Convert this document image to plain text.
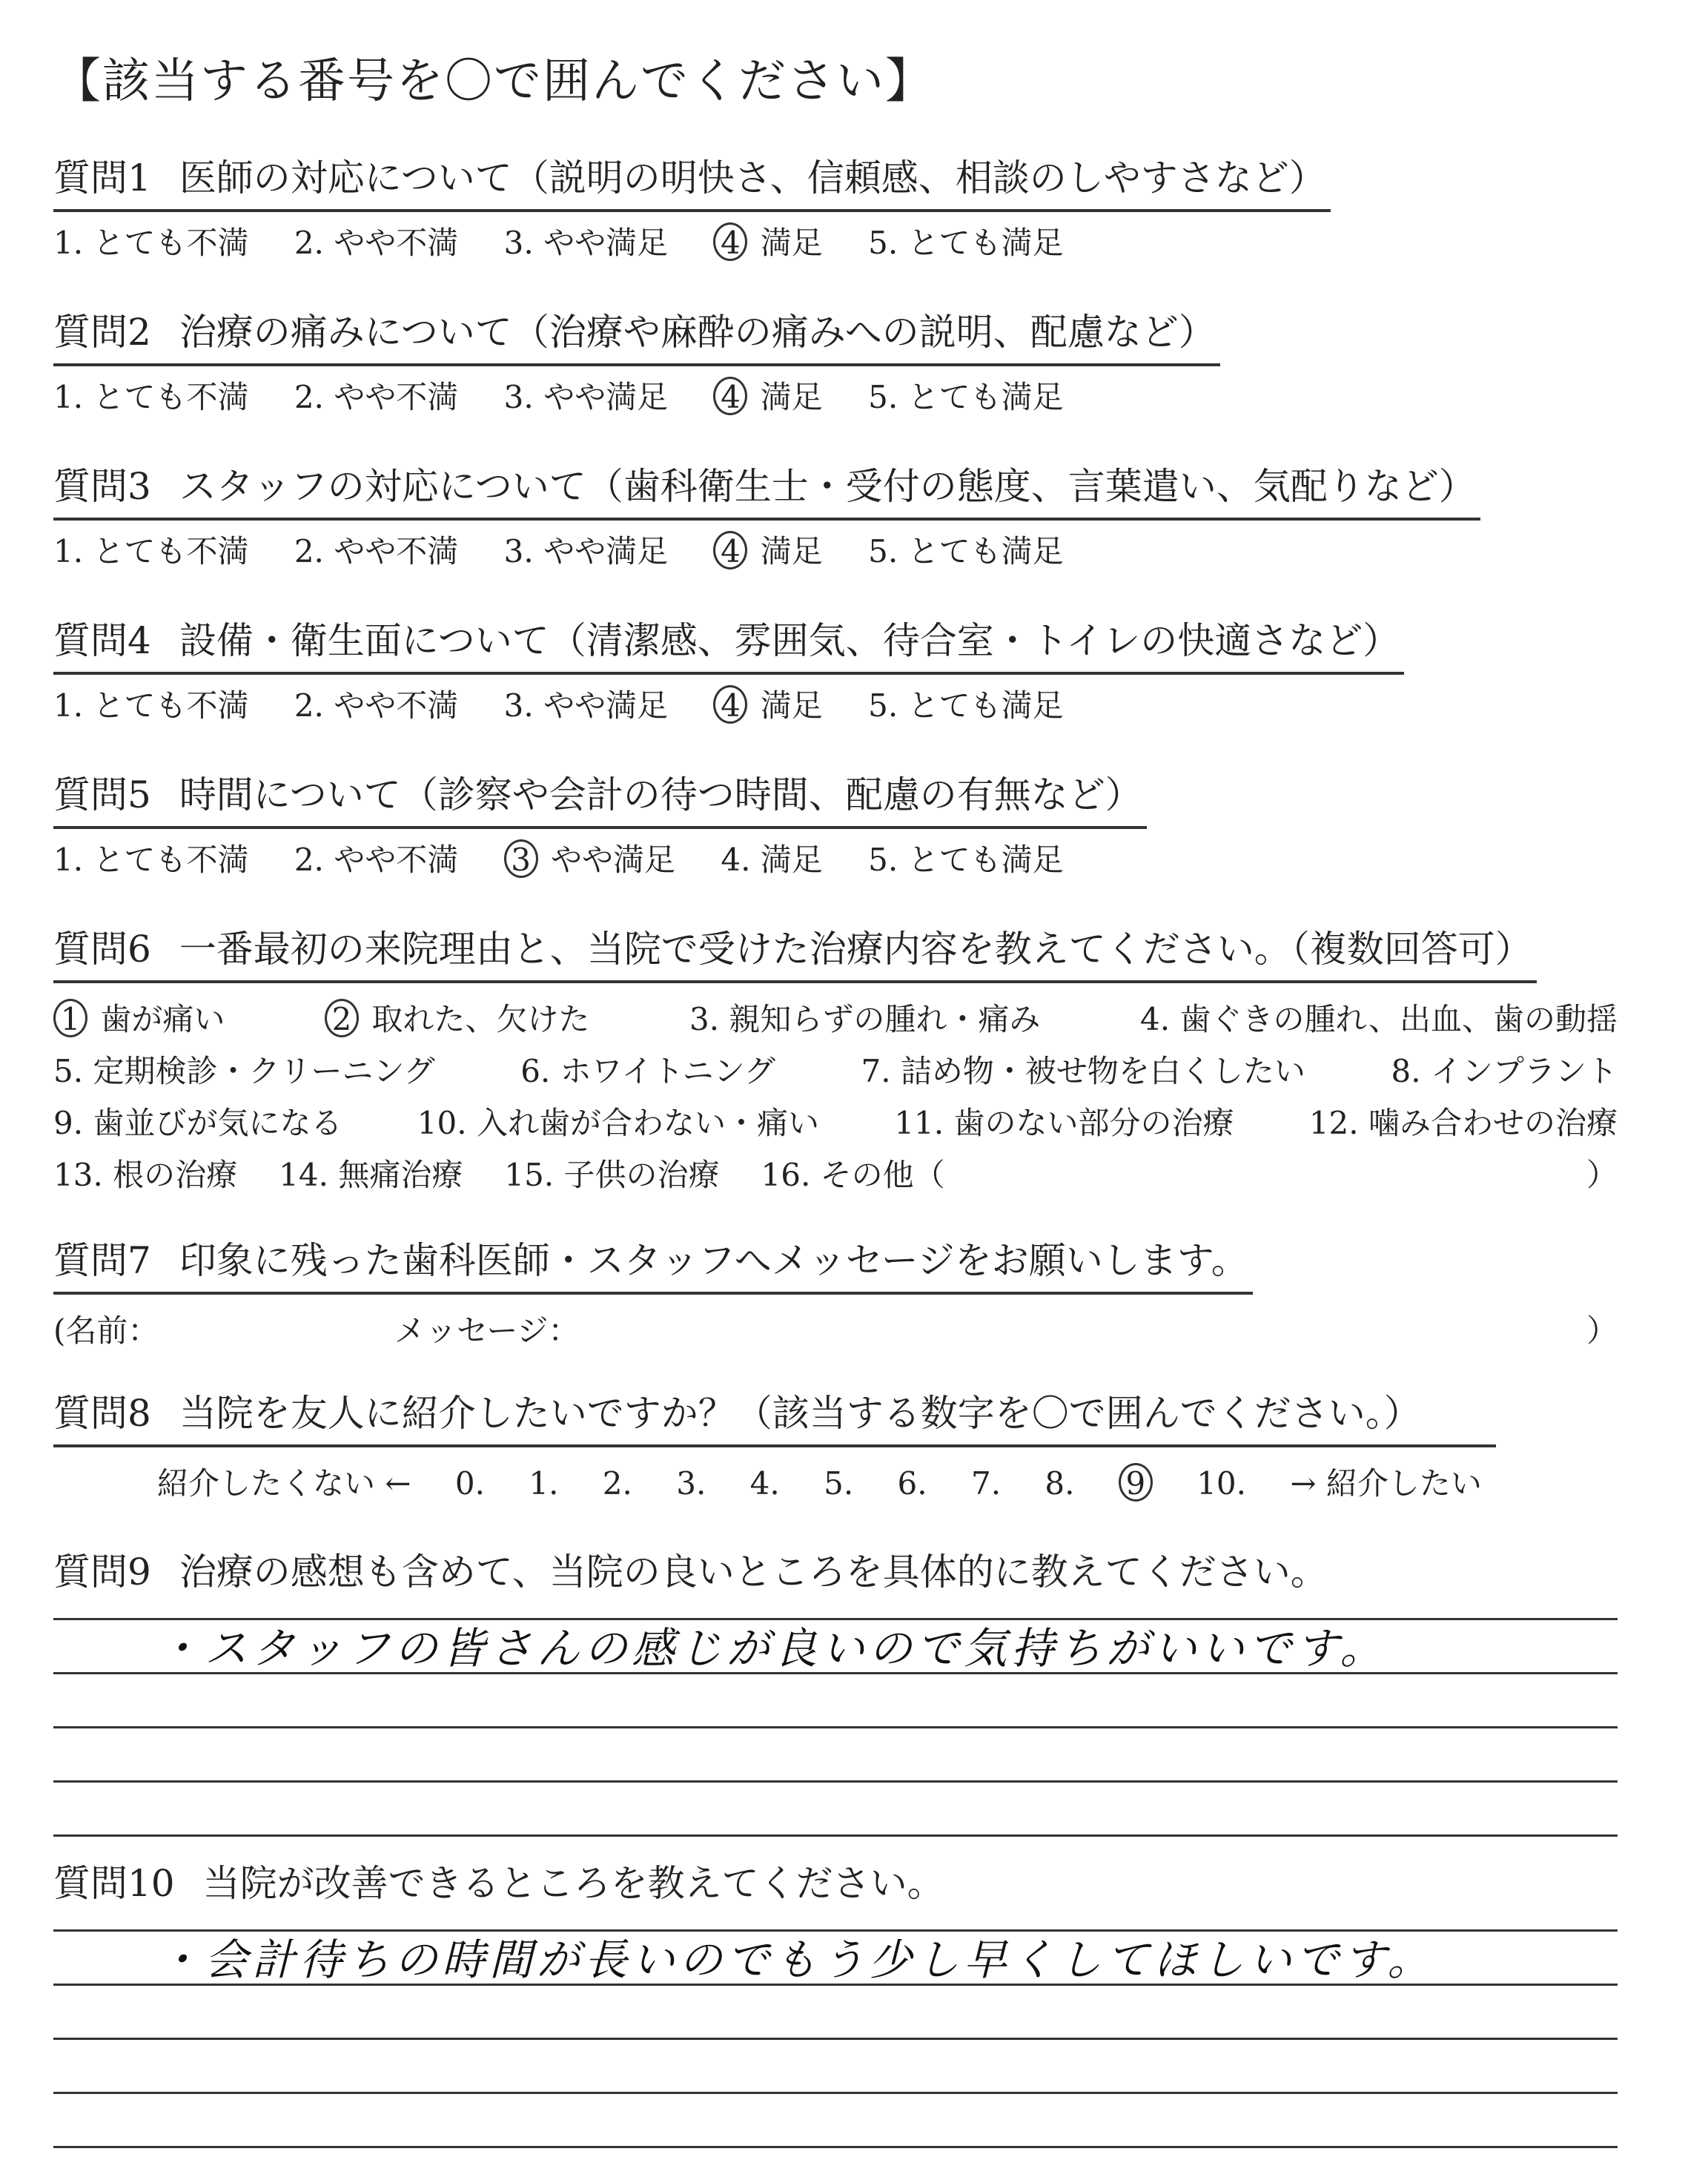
【該当する番号を〇で囲んでください】
質問1 医師の対応について（説明の明快さ、信頼感、相談のしやすさなど）
1. とても不満 2. やや不満 3. やや満足 4 満足 5. とても満足
質問2 治療の痛みについて（治療や麻酔の痛みへの説明、配慮など）
1. とても不満 2. やや不満 3. やや満足 4 満足 5. とても満足
質問3 スタッフの対応について（歯科衛生士・受付の態度、言葉遣い、気配りなど）
1. とても不満 2. やや不満 3. やや満足 4 満足 5. とても満足
質問4 設備・衛生面について（清潔感、雰囲気、待合室・トイレの快適さなど）
1. とても不満 2. やや不満 3. やや満足 4 満足 5. とても満足
質問5 時間について（診察や会計の待つ時間、配慮の有無など）
1. とても不満 2. やや不満 3 やや満足 4. 満足 5. とても満足
質問6 一番最初の来院理由と、当院で受けた治療内容を教えてください。（複数回答可）
1 歯が痛い	2 取れた、欠けた	3. 親知らずの腫れ・痛み	4. 歯ぐきの腫れ、出血、歯の動揺
5. 定期検診・クリーニング	6. ホワイトニング	7. 詰め物・被せ物を白くしたい	8. インプラント
9. 歯並びが気になる 10. 入れ歯が合わない・痛い 11. 歯のない部分の治療 12. 噛み合わせの治療
13. 根の治療 14. 無痛治療 15. 子供の治療 16.
その他（	）
質問7 印象に残った歯科医師・スタッフへメッセージをお願いします。
(名前：	メッセージ：	）
質問8 当院を友人に紹介したいですか？（該当する数字を〇で囲んでください。）
紹介したくない ← 0. 1. 2. 3. 4. 5. 6. 7. 8. 9 10. → 紹介したい
質問9 治療の感想も含めて、当院の良いところを具体的に教えてください。
・スタッフの皆さんの感じが良いので気持ちがいいです。
質問10 当院が改善できるところを教えてください。
・会計待ちの時間が長いのでもう少し早くしてほしいです。
